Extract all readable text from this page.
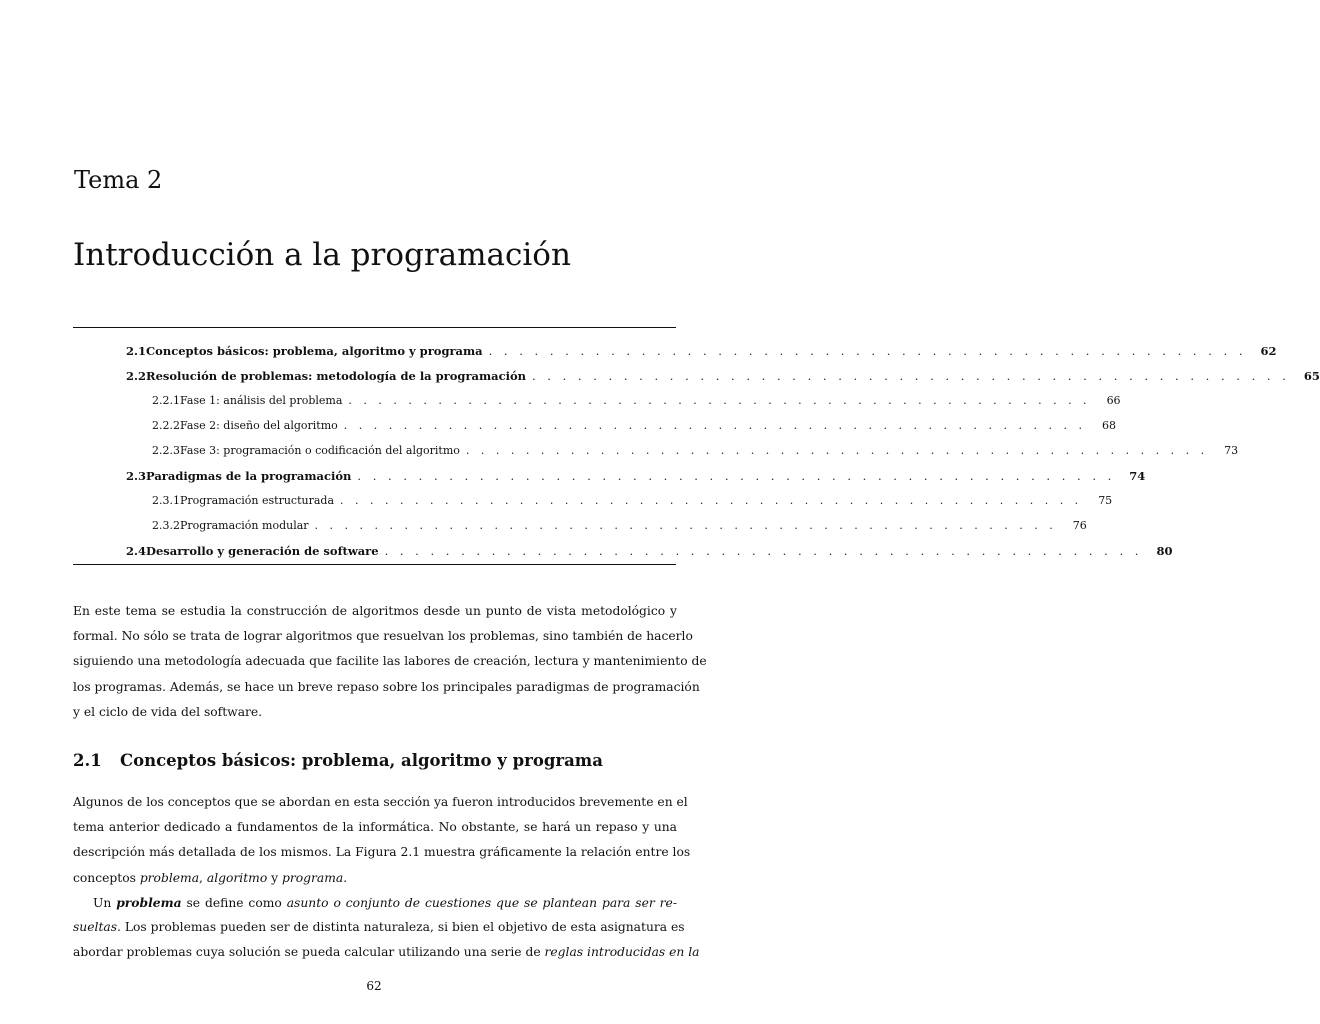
Tema 2
Introducción a la programación
2.1 Conceptos básicos: problema, algoritmo y programa . . . . . . . . . . . . . . . . . . . . . . . . . . . . . . . . . . . . . . . . . . . . . . . . . .	62
2.2 Resolución de problemas: metodología de la programación . . . . . . . . . . . . . . . . . . . . . . . . . . . . . . . . . . . . . . . . . . . . . . . . . .	65
2.2.1 Fase 1: análisis del problema . . . . . . . . . . . . . . . . . . . . . . . . . . . . . . . . . . . . . . . . . . . . . . . . . .	66
2.2.2 Fase 2: diseño del algoritmo . . . . . . . . . . . . . . . . . . . . . . . . . . . . . . . . . . . . . . . . . . . . . . . . . .	68
2.2.3 Fase 3: programación o codificación del algoritmo . . . . . . . . . . . . . . . . . . . . . . . . . . . . . . . . . . . . . . . . . . . . . . . . . .	73
2.3 Paradigmas de la programación . . . . . . . . . . . . . . . . . . . . . . . . . . . . . . . . . . . . . . . . . . . . . . . . . .	74
2.3.1 Programación estructurada . . . . . . . . . . . . . . . . . . . . . . . . . . . . . . . . . . . . . . . . . . . . . . . . . .	75
2.3.2 Programación modular . . . . . . . . . . . . . . . . . . . . . . . . . . . . . . . . . . . . . . . . . . . . . . . . . .	76
2.4 Desarrollo y generación de software . . . . . . . . . . . . . . . . . . . . . . . . . . . . . . . . . . . . . . . . . . . . . . . . . .	80
En este tema se estudia la construcción de algoritmos desde un punto de vista metodológico y
formal. No sólo se trata de lograr algoritmos que resuelvan los problemas, sino también de hacerlo
siguiendo una metodología adecuada que facilite las labores de creación, lectura y mantenimiento de
los programas. Además, se hace un breve repaso sobre los principales paradigmas de programación
y el ciclo de vida del software.
2.1 Conceptos básicos: problema, algoritmo y programa
Algunos de los conceptos que se abordan en esta sección ya fueron introducidos brevemente en el
tema anterior dedicado a fundamentos de la informática. No obstante, se hará un repaso y una
descripción más detallada de los mismos. La Figura 2.1 muestra gráficamente la relación entre los
conceptos problema, algoritmo y programa.
Un problema se define como asunto o conjunto de cuestiones que se plantean para ser re-
sueltas. Los problemas pueden ser de distinta naturaleza, si bien el objetivo de esta asignatura es
abordar problemas cuya solución se pueda calcular utilizando una serie de reglas introducidas en la
62
